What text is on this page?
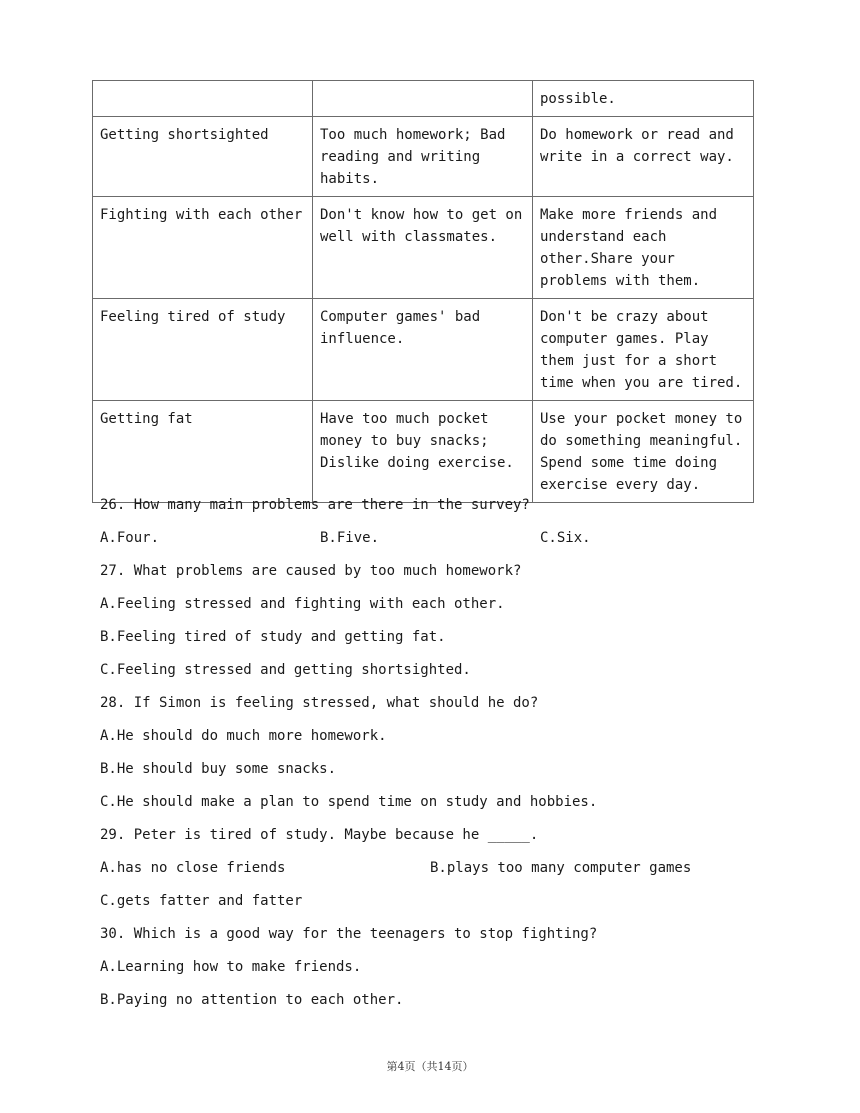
		possible.
Getting shortsighted	Too much homework; Bad
reading and writing
habits.	Do homework or read and
write in a correct way.
Fighting with each other	Don't know how to get on
well with classmates.	Make more friends and
understand each
other.Share your
problems with them.
Feeling tired of study	Computer games' bad
influence.	Don't be crazy about
computer games. Play
them just for a short
time when you are tired.
Getting fat	Have too much pocket
money to buy snacks;
Dislike doing exercise.	Use your pocket money to
do something meaningful.
Spend some time doing
exercise every day.
26. How many main problems are there in the survey?

A.Four.

	B.Five.

	C.Six.

27. What problems are caused by too much homework?
A.Feeling stressed and fighting with each other.
B.Feeling tired of study and getting fat.
C.Feeling stressed and getting shortsighted.
28. If Simon is feeling stressed, what should he do?
A.He should do much more homework.
B.He should buy some snacks.
C.He should make a plan to spend time on study and hobbies.
29. Peter is tired of study. Maybe because he _____.

A.has no close friends

	B.plays too many computer games

C.gets fatter and fatter
30. Which is a good way for the teenagers to stop fighting?
A.Learning how to make friends.
B.Paying no attention to each other.
第4页（共14页）
